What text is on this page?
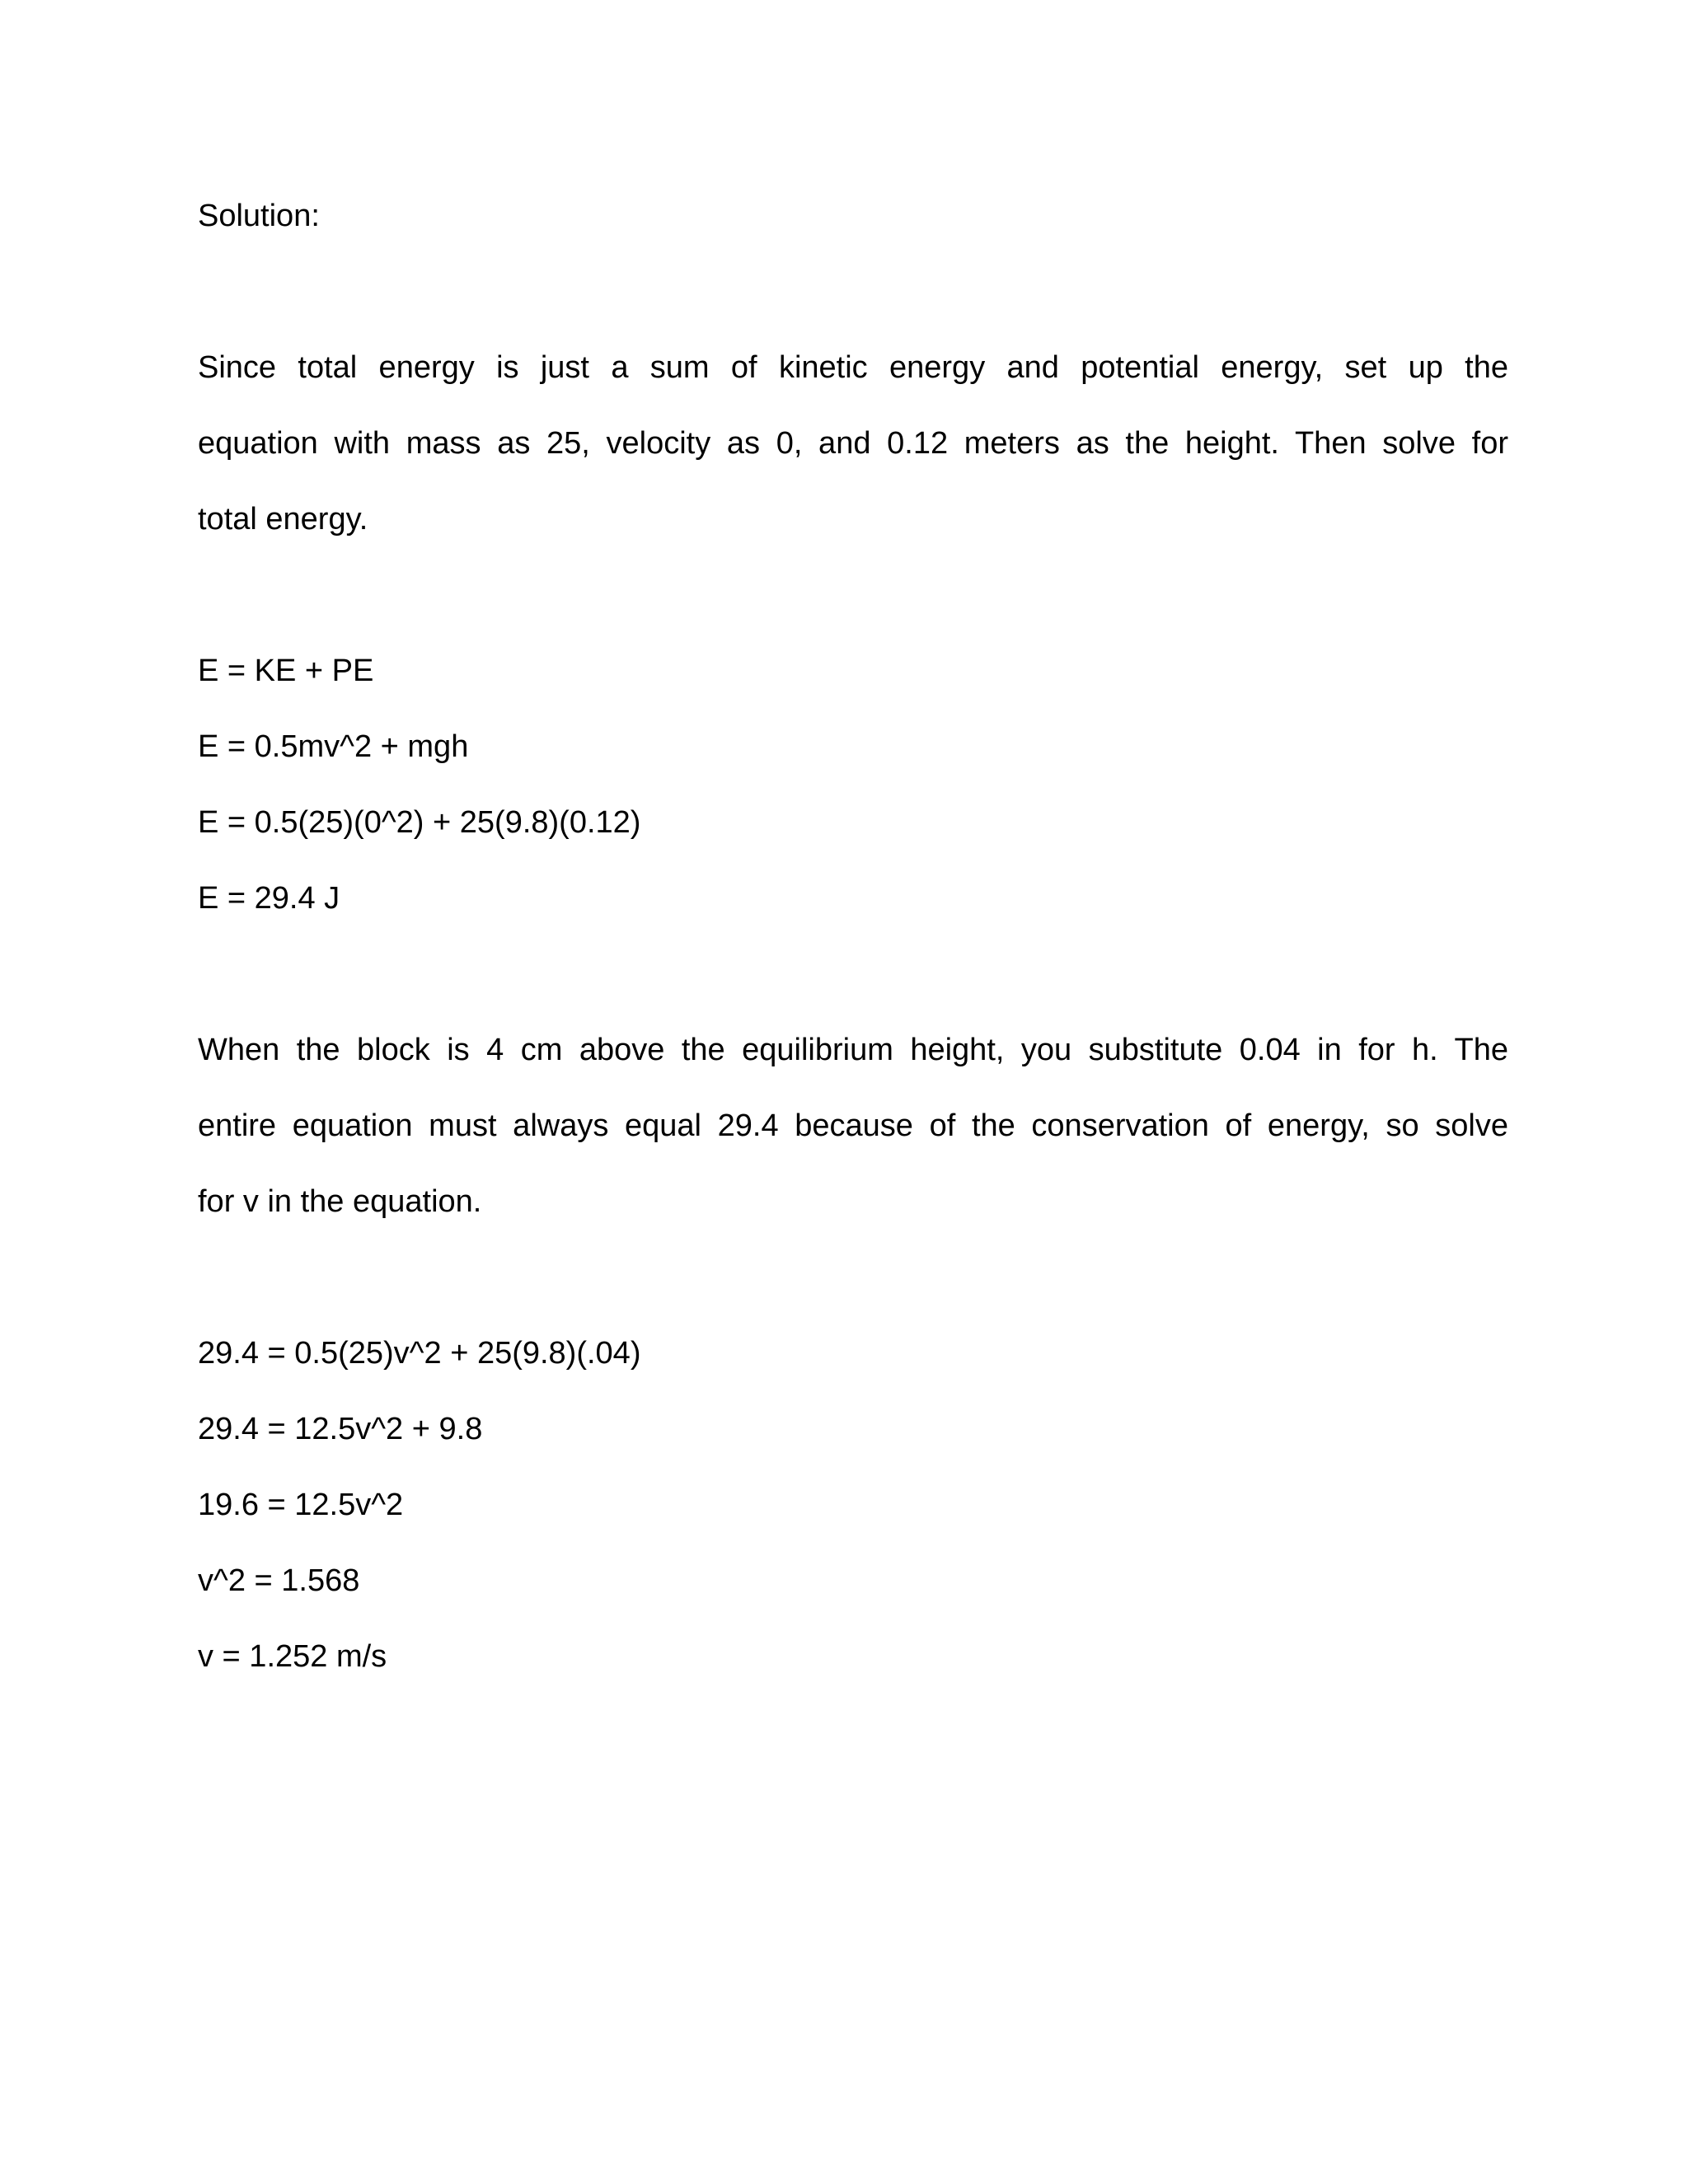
Solution:
Since total energy is just a sum of kinetic energy and potential energy, set up the
equation with mass as 25, velocity as 0, and 0.12 meters as the height. Then solve for
total energy.
E = KE + PE
E = 0.5mv^2 + mgh
E = 0.5(25)(0^2) + 25(9.8)(0.12)
E = 29.4 J
When the block is 4 cm above the equilibrium height, you substitute 0.04 in for h. The
entire equation must always equal 29.4 because of the conservation of energy, so solve
for v in the equation.
29.4 = 0.5(25)v^2 + 25(9.8)(.04)
29.4 = 12.5v^2 + 9.8
19.6 = 12.5v^2
v^2 = 1.568
v = 1.252 m/s
